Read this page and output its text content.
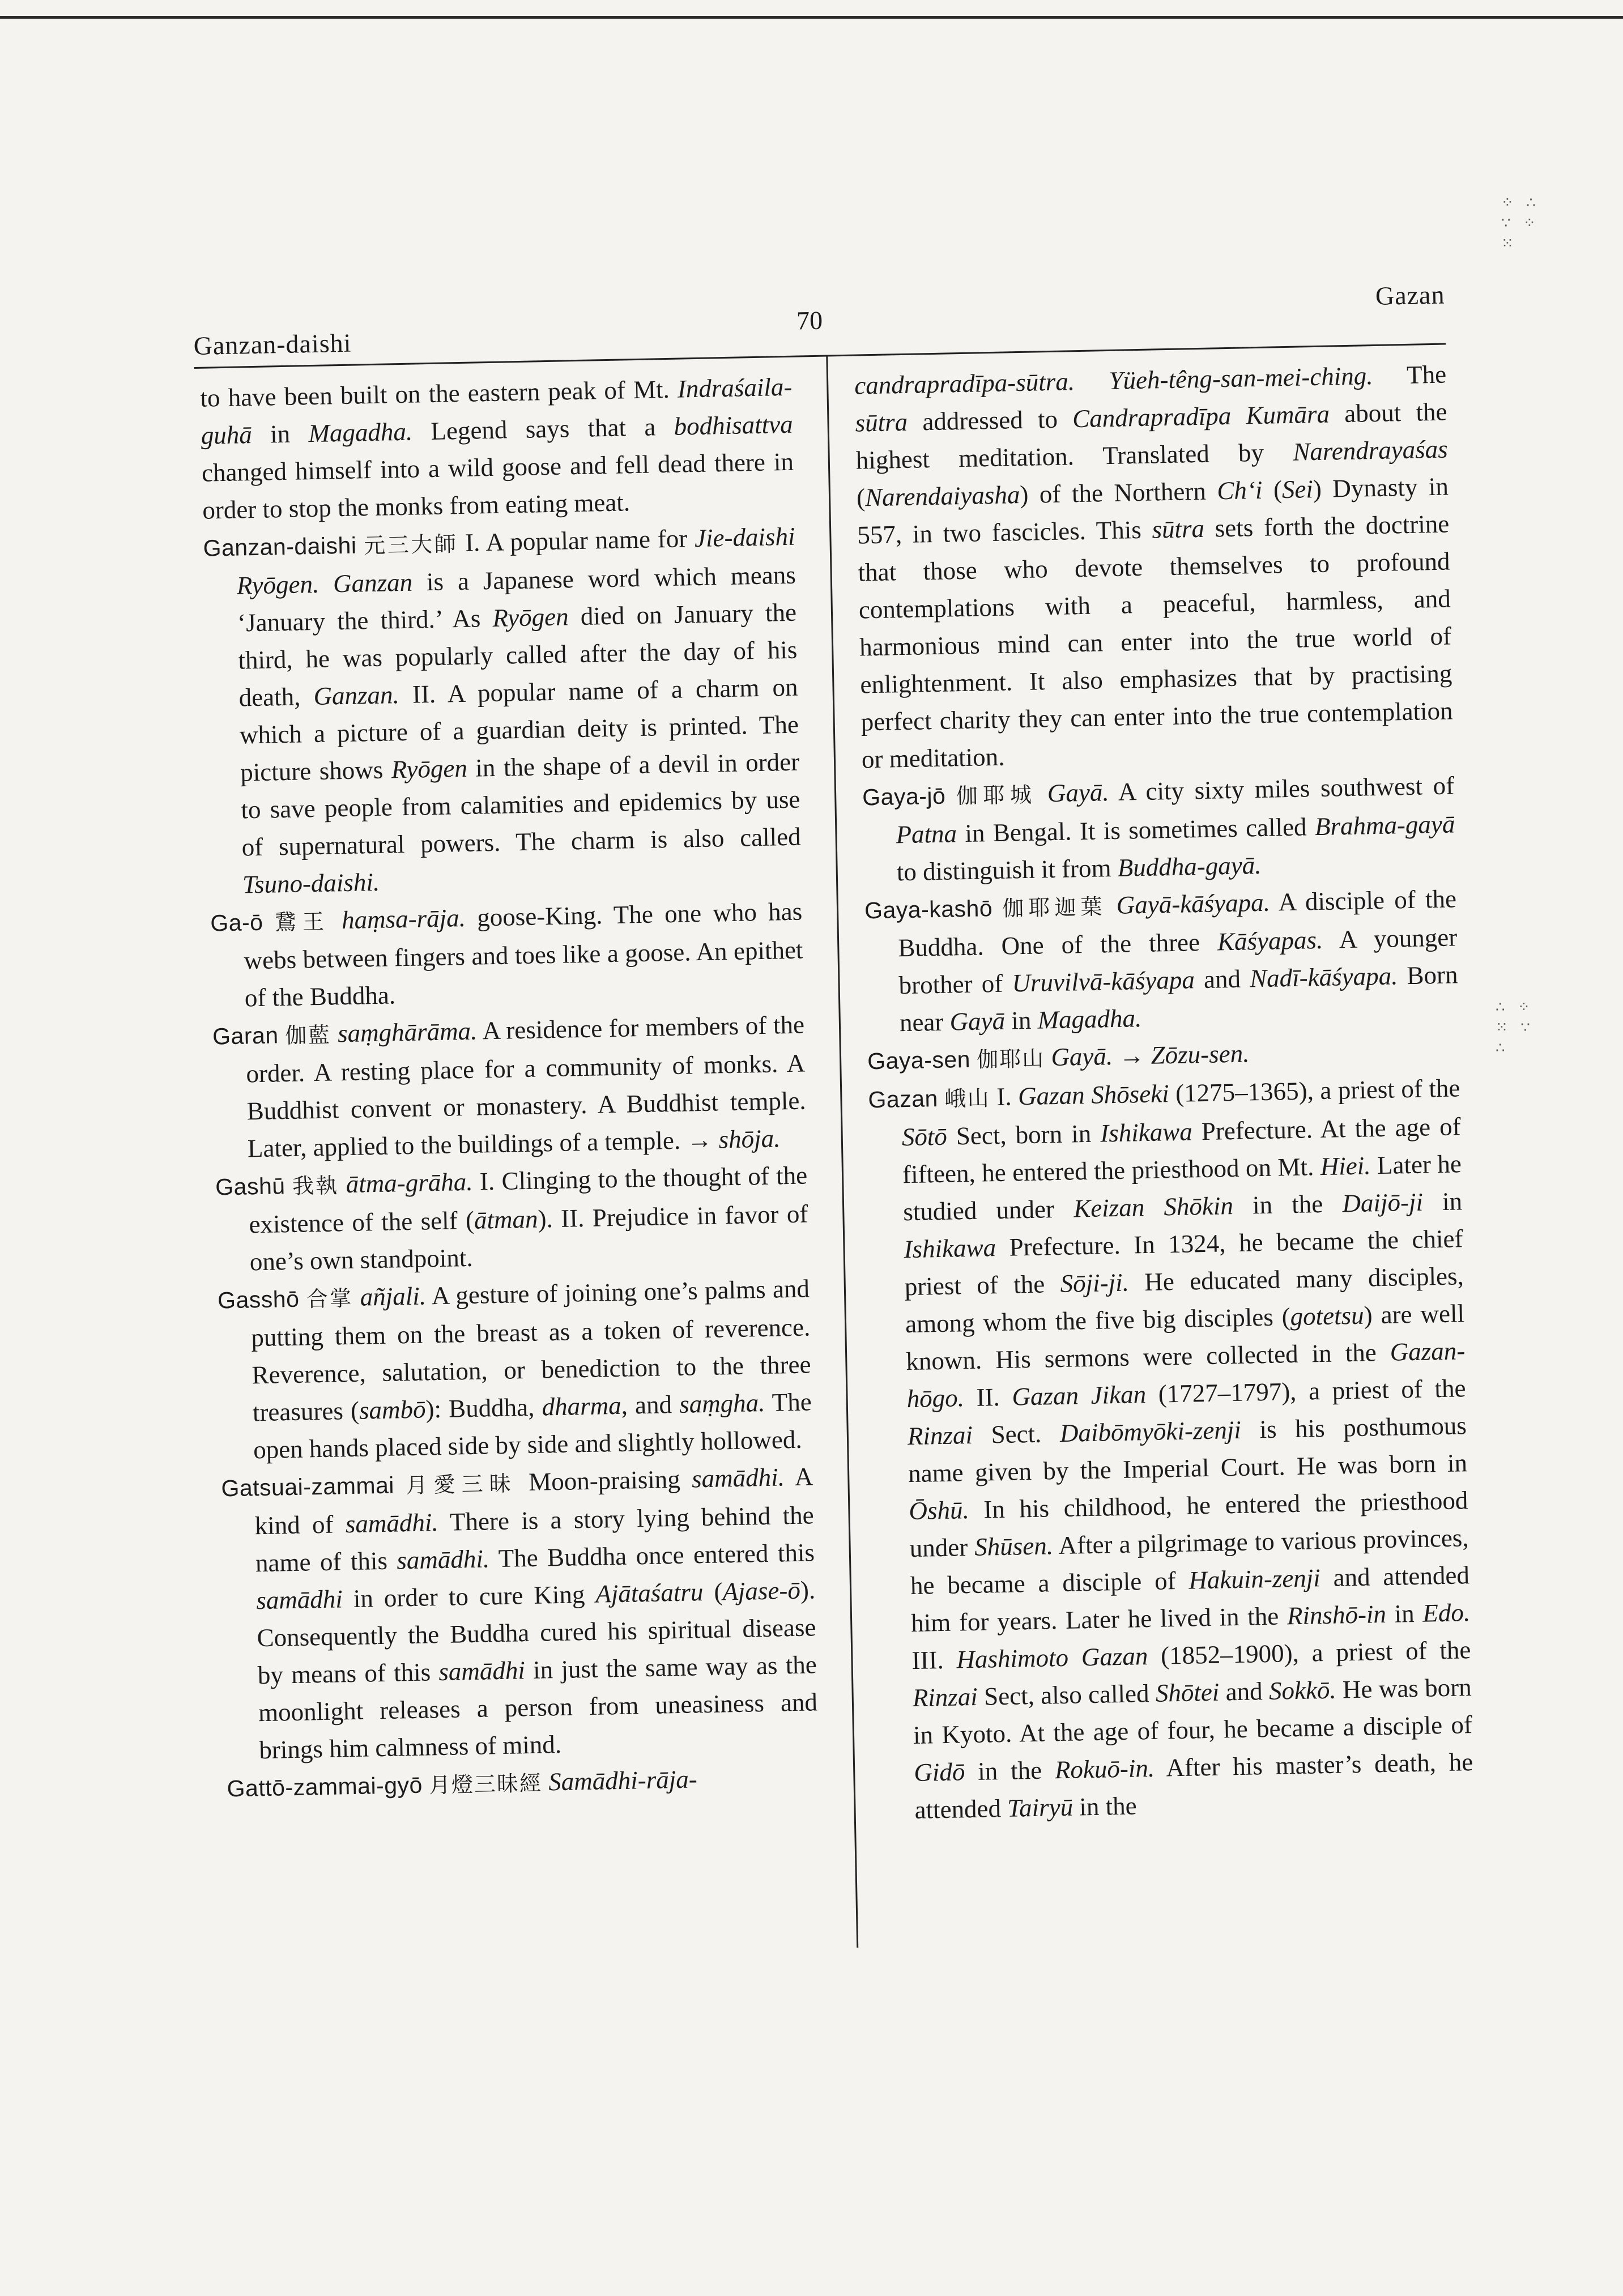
⁘ ∴
∵ ⁘
⁙
∴ ⁘
⁙ ∵
∴
Ganzan-daishi
70
Gazan

to have been built on the eastern peak of Mt. Indraśaila-guhā in Magadha. Legend says that a bodhisattva changed himself into a wild goose and fell dead there in order to stop the monks from eating meat.

Ganzan-daishi 元三大師 I. A popular name for Jie-daishi Ryōgen. Ganzan is a Japanese word which means ‘January the third.’ As Ryōgen died on January the third, he was popularly called after the day of his death, Ganzan. II. A popular name of a charm on which a picture of a guardian deity is printed. The picture shows Ryōgen in the shape of a devil in order to save people from calamities and epidemics by use of supernatural powers. The charm is also called Tsuno-daishi.

Ga-ō 鵞王 haṃsa-rāja. goose-King. The one who has webs between fingers and toes like a goose. An epithet of the Buddha.

Garan 伽藍 saṃghārāma. A residence for members of the order. A resting place for a community of monks. A Buddhist convent or monastery. A Buddhist temple. Later, applied to the buildings of a temple. → shōja.

Gashū 我執 ātma-grāha. I. Clinging to the thought of the existence of the self (ātman). II. Prejudice in favor of one’s own standpoint.

Gasshō 合掌 añjali. A gesture of joining one’s palms and putting them on the breast as a token of reverence. Reverence, salutation, or benediction to the three treasures (sambō): Buddha, dharma, and saṃgha. The open hands placed side by side and slightly hollowed.

Gatsuai-zammai 月愛三昧 Moon-praising samādhi. A kind of samādhi. There is a story lying behind the name of this samādhi. The Buddha once entered this samādhi in order to cure King Ajātaśatru (Ajase-ō). Consequently the Buddha cured his spiritual disease by means of this samādhi in just the same way as the moonlight releases a person from uneasiness and brings him calmness of mind.

Gattō-zammai-gyō 月燈三昧經 Samādhi-rāja-

candrapradīpa-sūtra. Yüeh-têng-san-mei-ching. The sūtra addressed to Candrapradīpa Kumāra about the highest meditation. Translated by Narendrayaśas (Narendaiyasha) of the Northern Ch‘i (Sei) Dynasty in 557, in two fascicles. This sūtra sets forth the doctrine that those who devote themselves to profound contemplations with a peaceful, harmless, and harmonious mind can enter into the true world of enlightenment. It also emphasizes that by practising perfect charity they can enter into the true contemplation or meditation.

Gaya-jō 伽耶城 Gayā. A city sixty miles southwest of Patna in Bengal. It is sometimes called Brahma-gayā to distinguish it from Buddha-gayā.

Gaya-kashō 伽耶迦葉 Gayā-kāśyapa. A disciple of the Buddha. One of the three Kāśyapas. A younger brother of Uruvilvā-kāśyapa and Nadī-kāśyapa. Born near Gayā in Magadha.

Gaya-sen 伽耶山 Gayā. → Zōzu-sen.

Gazan 峨山 I. Gazan Shōseki (1275–1365), a priest of the Sōtō Sect, born in Ishikawa Prefecture. At the age of fifteen, he entered the priesthood on Mt. Hiei. Later he studied under Keizan Shōkin in the Daijō-ji in Ishikawa Prefecture. In 1324, he became the chief priest of the Sōji-ji. He educated many disciples, among whom the five big disciples (gotetsu) are well known. His sermons were collected in the Gazan-hōgo. II. Gazan Jikan (1727–1797), a priest of the Rinzai Sect. Daibōmyōki-zenji is his posthumous name given by the Imperial Court. He was born in Ōshū. In his childhood, he entered the priesthood under Shūsen. After a pilgrimage to various provinces, he became a disciple of Hakuin-zenji and attended him for years. Later he lived in the Rinshō-in in Edo. III. Hashimoto Gazan (1852–1900), a priest of the Rinzai Sect, also called Shōtei and Sokkō. He was born in Kyoto. At the age of four, he became a disciple of Gidō in the Rokuō-in. After his master’s death, he attended Tairyū in the
